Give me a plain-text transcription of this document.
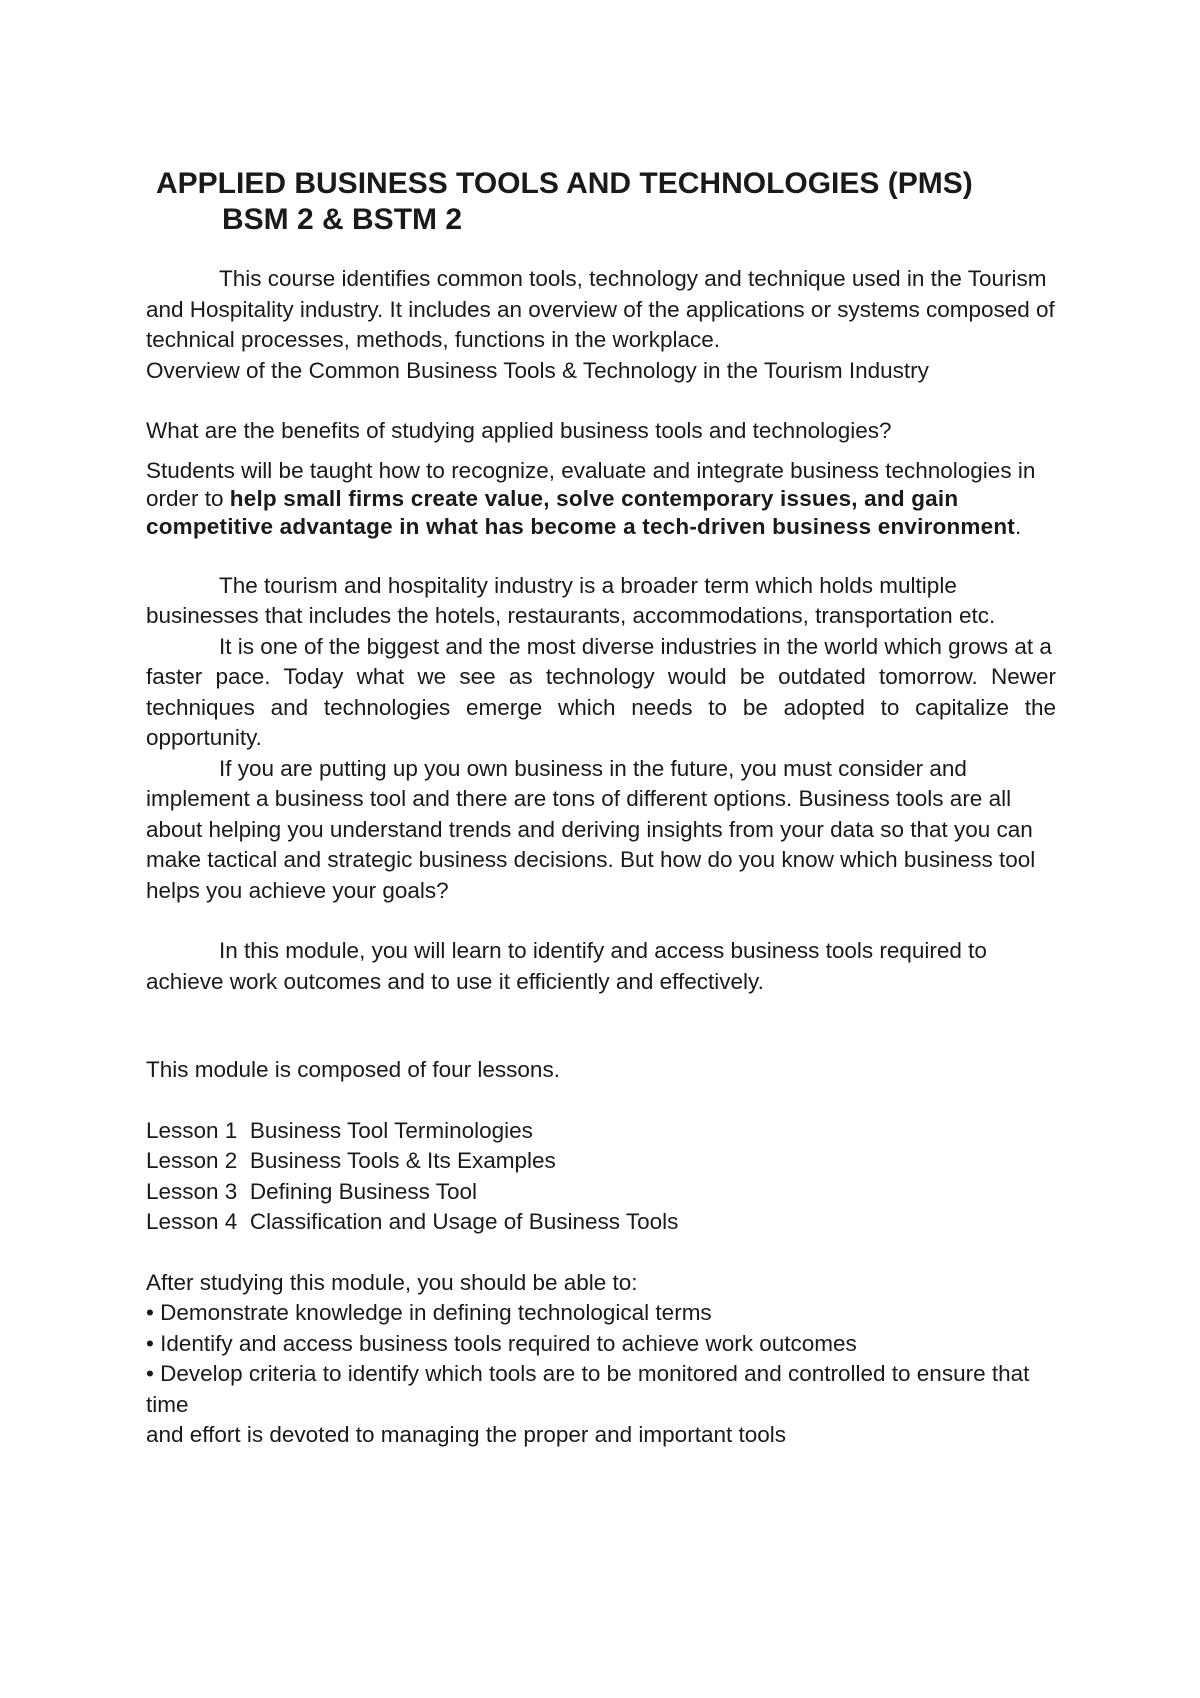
APPLIED BUSINESS TOOLS AND TECHNOLOGIES (PMS)
BSM 2 & BSTM 2

This course identifies common tools, technology and technique used in the Tourism and Hospitality industry. It includes an overview of the applications or systems composed of technical processes, methods, functions in the workplace.

Overview of the Common Business Tools & Technology in the Tourism Industry

What are the benefits of studying applied business tools and technologies?

Students will be taught how to recognize, evaluate and integrate business technologies in order to help small firms create value, solve contemporary issues, and gain competitive advantage in what has become a tech-driven business environment.

The tourism and hospitality industry is a broader term which holds multiple businesses that includes the hotels, restaurants, accommodations, transportation etc.

It is one of the biggest and the most diverse industries in the world which grows at a

faster pace. Today what we see as technology would be outdated tomorrow. Newer techniques and technologies emerge which needs to be adopted to capitalize the opportunity.

If you are putting up you own business in the future, you must consider and implement a business tool and there are tons of different options. Business tools are all about helping you understand trends and deriving insights from your data so that you can make tactical and strategic business decisions. But how do you know which business tool helps you achieve your goals?

In this module, you will learn to identify and access business tools required to achieve work outcomes and to use it efficiently and effectively.

This module is composed of four lessons.

Lesson 1  Business Tool Terminologies
Lesson 2  Business Tools & Its Examples
Lesson 3  Defining Business Tool
Lesson 4  Classification and Usage of Business Tools

After studying this module, you should be able to:

• Demonstrate knowledge in defining technological terms
• Identify and access business tools required to achieve work outcomes
• Develop criteria to identify which tools are to be monitored and controlled to ensure that time
and effort is devoted to managing the proper and important tools
